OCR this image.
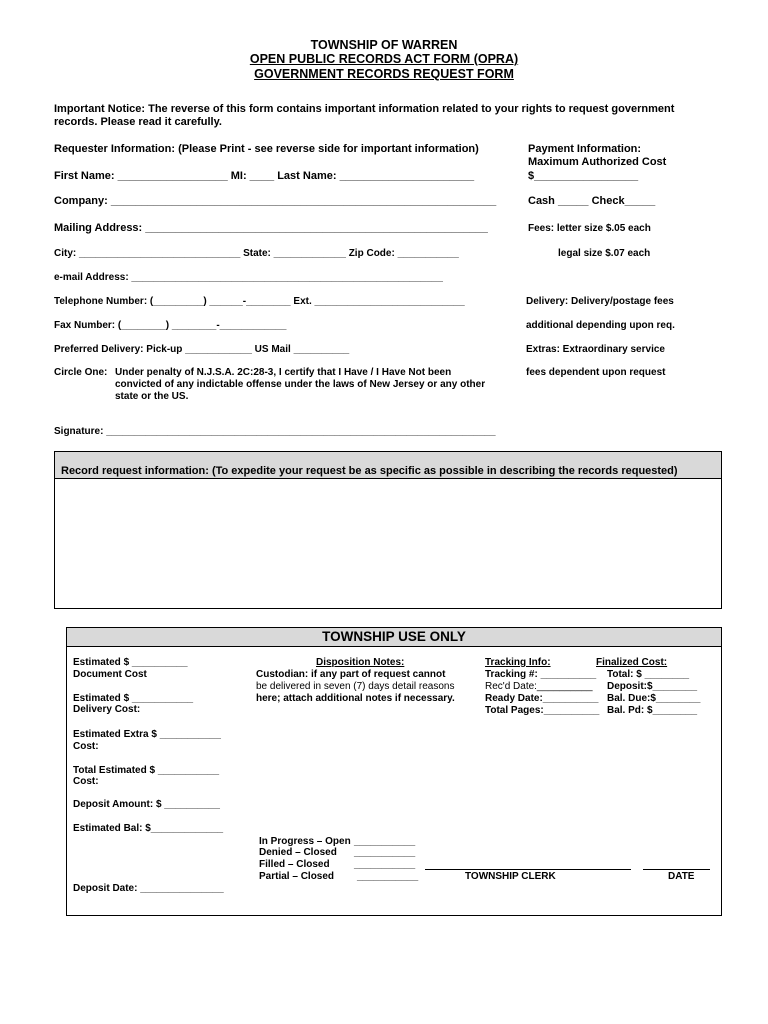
TOWNSHIP OF WARREN
OPEN PUBLIC RECORDS ACT FORM (OPRA)
GOVERNMENT RECORDS REQUEST FORM
Important Notice: The reverse of this form contains important information related to your rights to request government
records. Please read it carefully.
Requester Information: (Please Print - see reverse side for important information)
First Name: __________________ MI: ____ Last Name: ______________________
Company: _______________________________________________________________
Mailing Address: ________________________________________________________
City: _____________________________ State: _____________ Zip Code: ___________
e-mail Address: ________________________________________________________
Telephone Number: (_________) ______-________ Ext. ___________________________
Fax Number: (________) ________-____________
Preferred Delivery: Pick-up ____________ US Mail __________
Circle One: Under penalty of N.J.S.A. 2C:28-3, I certify that I Have / I Have Not been
convicted of any indictable offense under the laws of New Jersey or any other
state or the US.
Signature: ______________________________________________________________________
Payment Information:
Maximum Authorized Cost
$_________________
Cash _____ Check_____
Fees: letter size $.05 each
legal size $.07 each
Delivery: Delivery/postage fees
additional depending upon req.
Extras: Extraordinary service
fees dependent upon request
Record request information: (To expedite your request be as specific as possible in describing the records requested)
TOWNSHIP USE ONLY
Estimated $ __________
Document Cost
Estimated $ ___________
Delivery Cost:
Estimated Extra $ ___________
Cost:
Total Estimated $ ___________
Cost:
Deposit Amount: $ __________
Estimated Bal: $_____________
Deposit Date: _______________
Disposition Notes:
Custodian: if any part of request cannot
be delivered in seven (7) days detail reasons
here; attach additional notes if necessary.
Tracking Info:
Tracking #: __________
Rec'd Date:__________
Ready Date:__________
Total Pages:__________
Finalized Cost:
Total: $ ________
Deposit:$________
Bal. Due:$________
Bal. Pd: $________
In Progress – Open
Denied – Closed
Filled – Closed
Partial – Closed
___________
___________
___________
___________	TOWNSHIP CLERK	DATE
